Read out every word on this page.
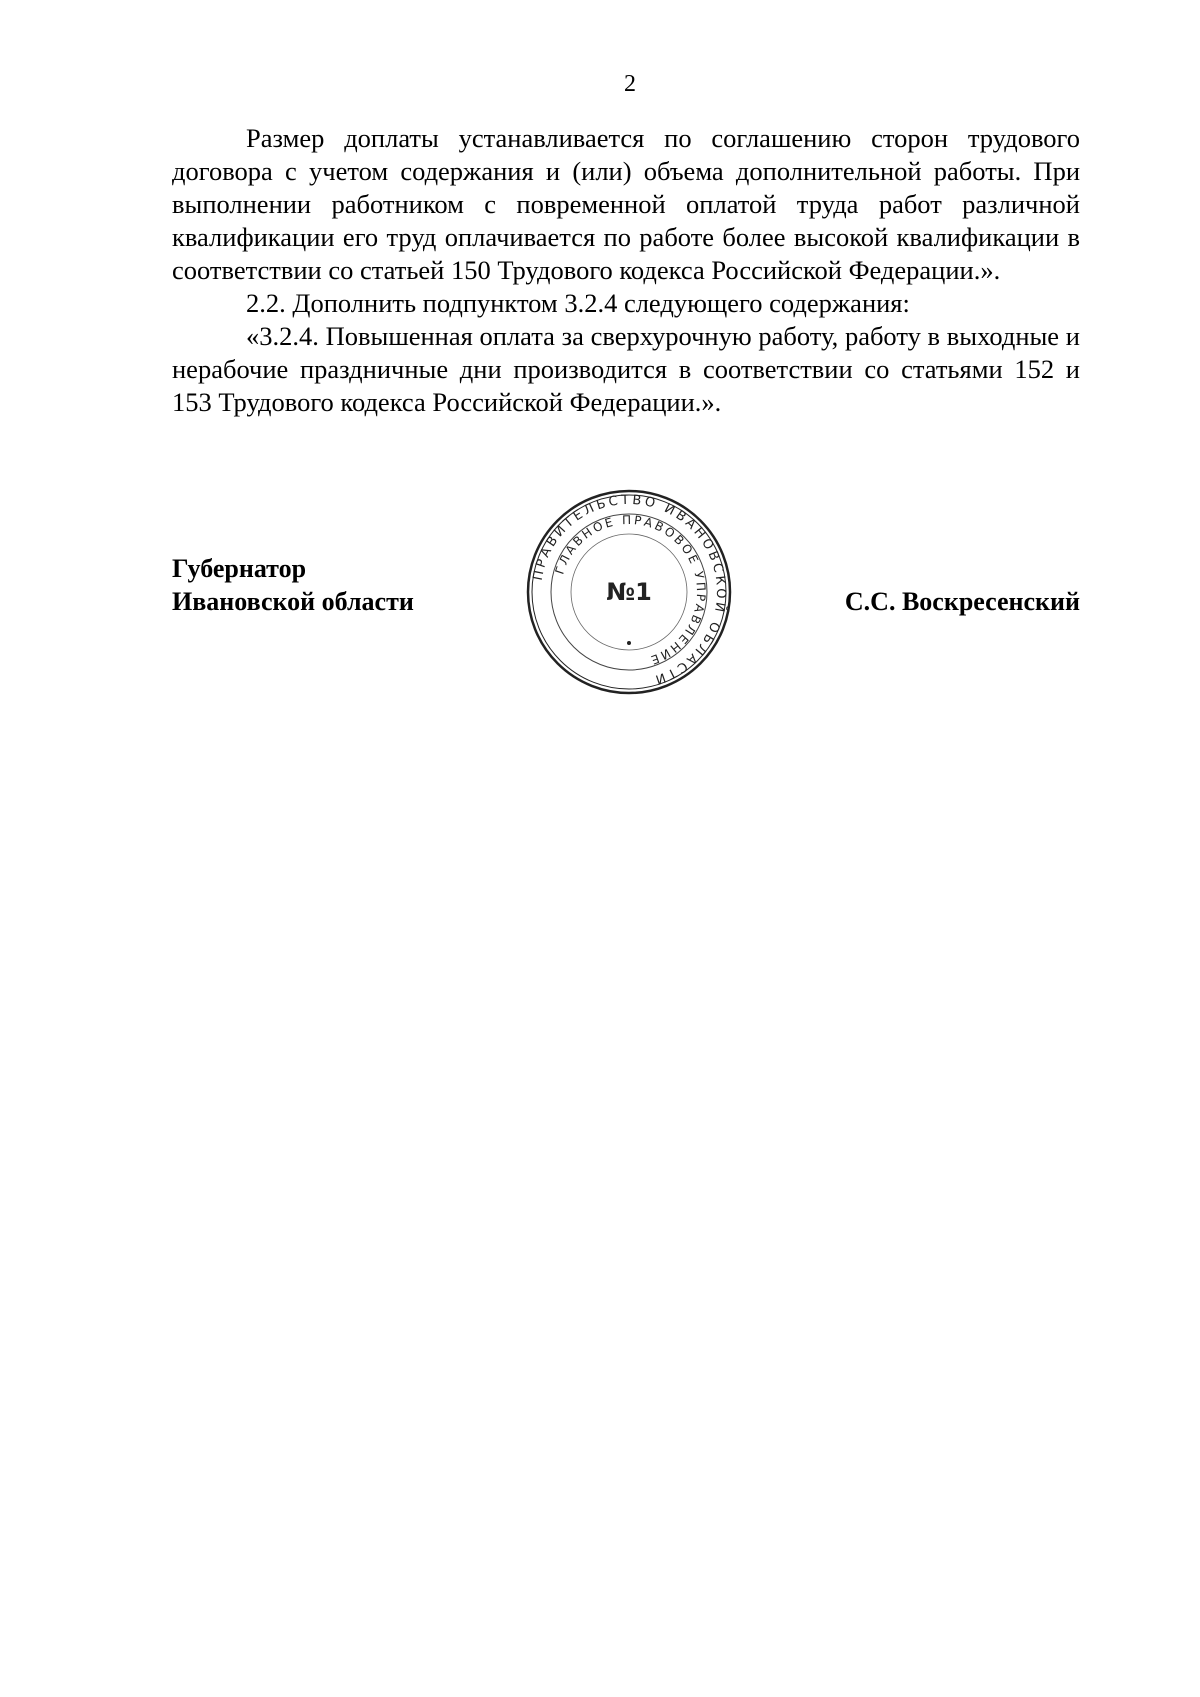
2

Размер доплаты устанавливается по соглашению сторон трудового договора с учетом содержания и (или) объема дополнительной работы. При выполнении работником с повременной оплатой труда работ различной квалификации его труд оплачивается по работе более высокой квалификации в соответствии со статьей 150 Трудового кодекса Российской Федерации.».

2.2. Дополнить подпунктом 3.2.4 следующего содержания:

«3.2.4. Повышенная оплата за сверхурочную работу, работу в выходные и нерабочие праздничные дни производится в соответствии со статьями 152 и 153 Трудового кодекса Российской Федерации.».

Губернатор
Ивановской области	С.С. Воскресенский
ПРАВИТЕЛЬСТВО ИВАНОВСКОЙ ОБЛАСТИ
ГЛАВНОЕ ПРАВОВОЕ УПРАВЛЕНИЕ
№1
